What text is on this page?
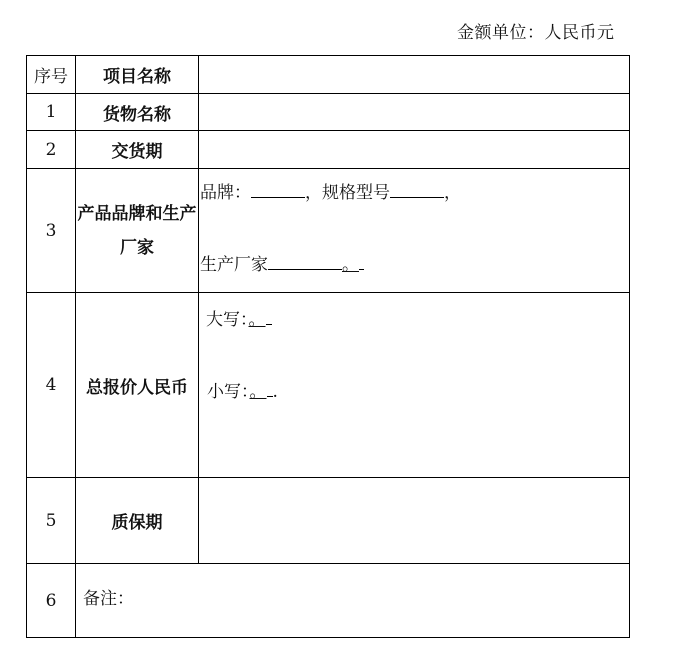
金额单位：人民币元
序号	项目名称	
1	货物名称	
2	交货期	
3	产品品牌和生产厂家	品牌： ，规格型号 ，
生产厂家 。

4	总报价人民币	大写：。
小写：。 .

5	质保期	
6	备注：	
